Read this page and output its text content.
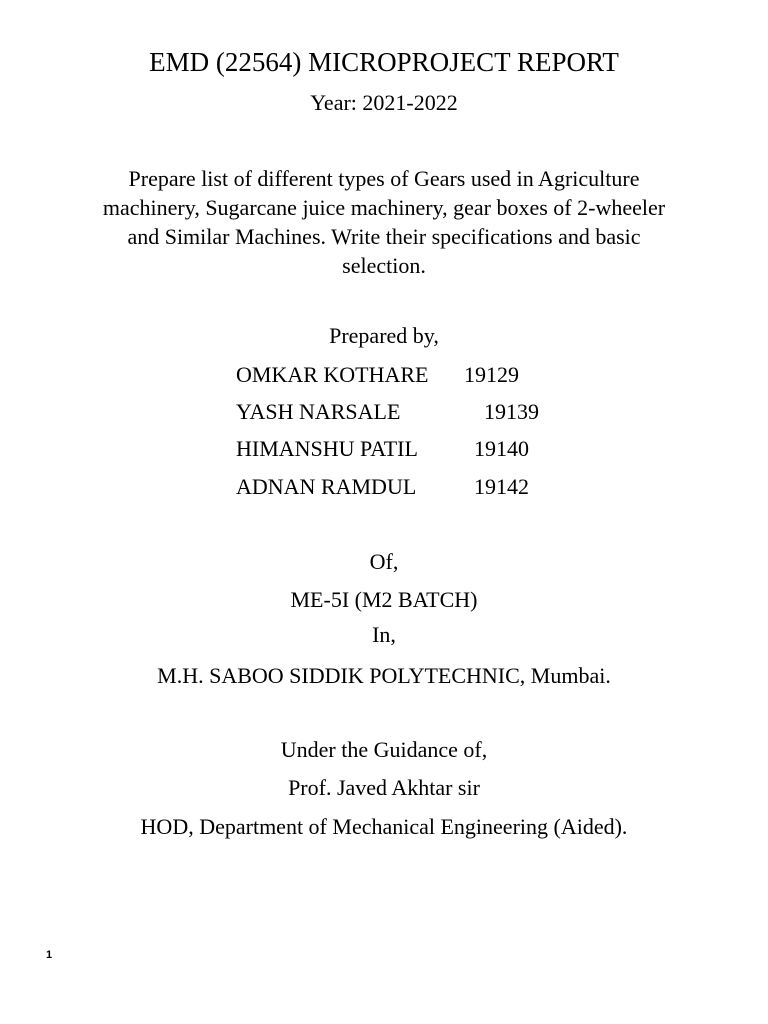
EMD (22564) MICROPROJECT REPORT
Year: 2021-2022
Prepare list of different types of Gears used in Agriculture
machinery, Sugarcane juice machinery, gear boxes of 2-wheeler
and Similar Machines. Write their specifications and basic
selection.
Prepared by,
OMKAR KOTHARE 19129
YASH NARSALE	19139
HIMANSHU PATIL	19140
ADNAN RAMDUL	19142
Of,
ME-5I (M2 BATCH)
In,
M.H. SABOO SIDDIK POLYTECHNIC, Mumbai.
Under the Guidance of,
Prof. Javed Akhtar sir
HOD, Department of Mechanical Engineering (Aided).
1
